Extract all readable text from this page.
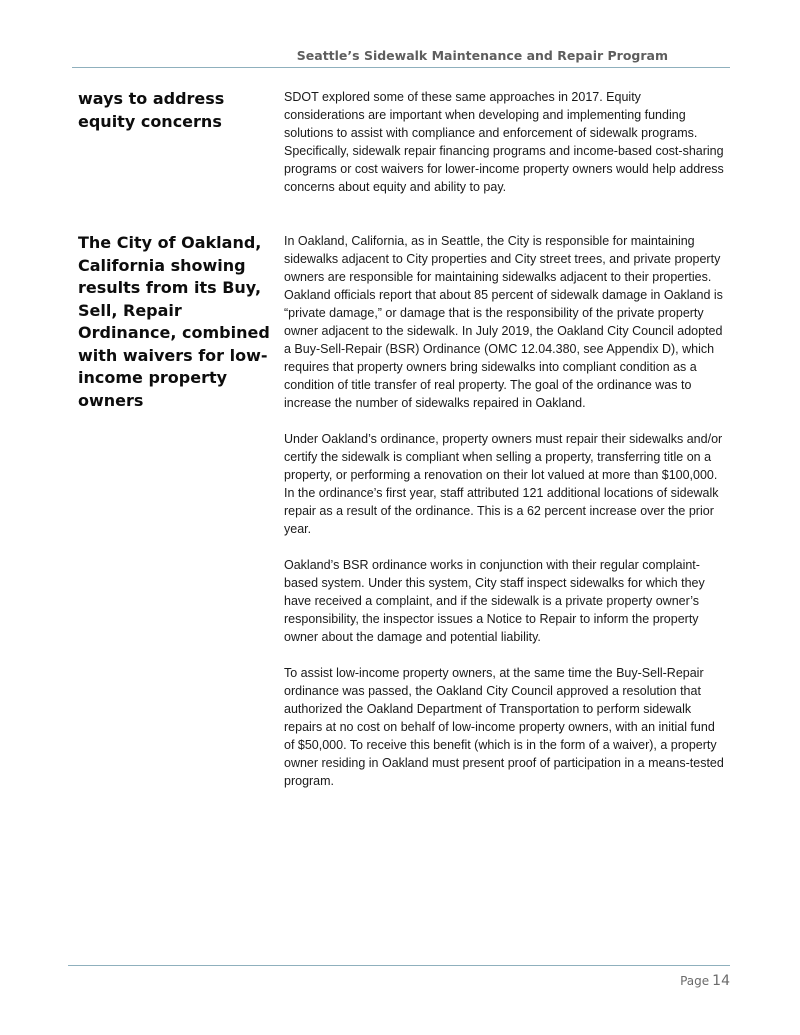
Seattle’s Sidewalk Maintenance and Repair Program
ways to address equity concerns

SDOT explored some of these same approaches in 2017. Equity considerations are important when developing and implementing funding solutions to assist with compliance and enforcement of sidewalk programs. Specifically, sidewalk repair financing programs and income-based cost-sharing programs or cost waivers for lower-income property owners would help address concerns about equity and ability to pay.

The City of Oakland, California showing results from its Buy, Sell, Repair Ordinance, combined with waivers for low-income property owners

In Oakland, California, as in Seattle, the City is responsible for maintaining sidewalks adjacent to City properties and City street trees, and private property owners are responsible for maintaining sidewalks adjacent to their properties. Oakland officials report that about 85 percent of sidewalk damage in Oakland is “private damage,” or damage that is the responsibility of the private property owner adjacent to the sidewalk. In July 2019, the Oakland City Council adopted a Buy-Sell-Repair (BSR) Ordinance (OMC 12.04.380, see Appendix D), which requires that property owners bring sidewalks into compliant condition as a condition of title transfer of real property. The goal of the ordinance was to increase the number of sidewalks repaired in Oakland.

Under Oakland’s ordinance, property owners must repair their sidewalks and/or certify the sidewalk is compliant when selling a property, transferring title on a property, or performing a renovation on their lot valued at more than $100,000. In the ordinance’s first year, staff attributed 121 additional locations of sidewalk repair as a result of the ordinance. This is a 62 percent increase over the prior year.

Oakland’s BSR ordinance works in conjunction with their regular complaint-based system. Under this system, City staff inspect sidewalks for which they have received a complaint, and if the sidewalk is a private property owner’s responsibility, the inspector issues a Notice to Repair to inform the property owner about the damage and potential liability.

To assist low-income property owners, at the same time the Buy-Sell-Repair ordinance was passed, the Oakland City Council approved a resolution that authorized the Oakland Department of Transportation to perform sidewalk repairs at no cost on behalf of low-income property owners, with an initial fund of $50,000. To receive this benefit (which is in the form of a waiver), a property owner residing in Oakland must present proof of participation in a means-tested program.

Page 14
